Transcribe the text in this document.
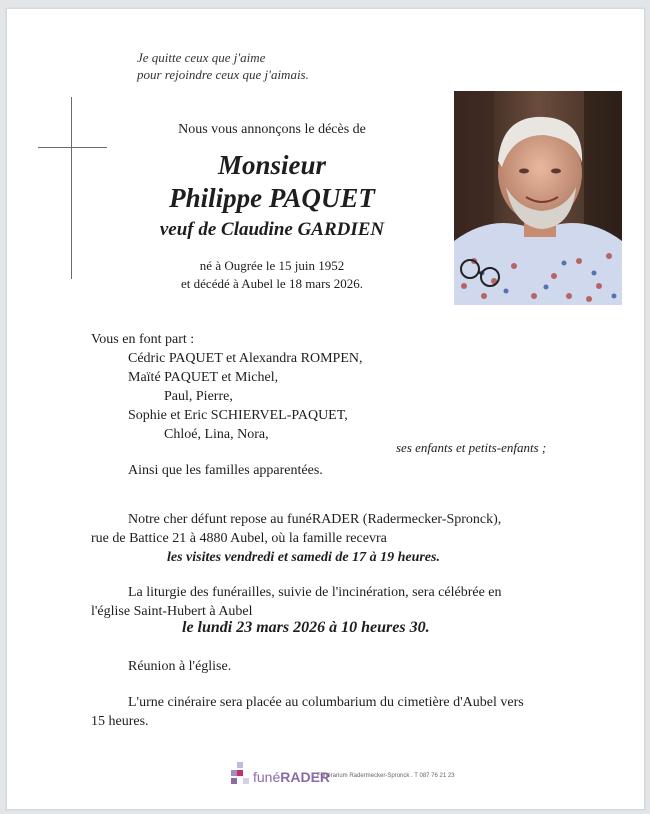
Je quitte ceux que j'aime
pour rejoindre ceux que j'aimais.
Nous vous annonçons le décès de
Monsieur
Philippe PAQUET
veuf de Claudine GARDIEN
né à Ougrée le 15 juin 1952
et décédé à Aubel le 18 mars 2026.
Vous en font part :
Cédric PAQUET et Alexandra ROMPEN,
Maïté PAQUET et Michel,
Paul, Pierre,
Sophie et Eric SCHIERVEL-PAQUET,
Chloé, Lina, Nora,
ses enfants et petits-enfants ;
Ainsi que les familles apparentées.
Notre cher défunt repose au funéRADER (Radermecker-Spronck),
rue de Battice 21 à 4880 Aubel, où la famille recevra
les visites vendredi et samedi de 17 à 19 heures.
La liturgie des funérailles, suivie de l'incinération, sera célébrée en
l'église Saint-Hubert à Aubel
le lundi 23 mars 2026 à 10 heures 30.
Réunion à l'église.
L'urne cinéraire sera placée au columbarium du cimetière d'Aubel vers
15 heures.
funéRADER
Funérarium Radermecker-Spronck . T 087 76 21 23
